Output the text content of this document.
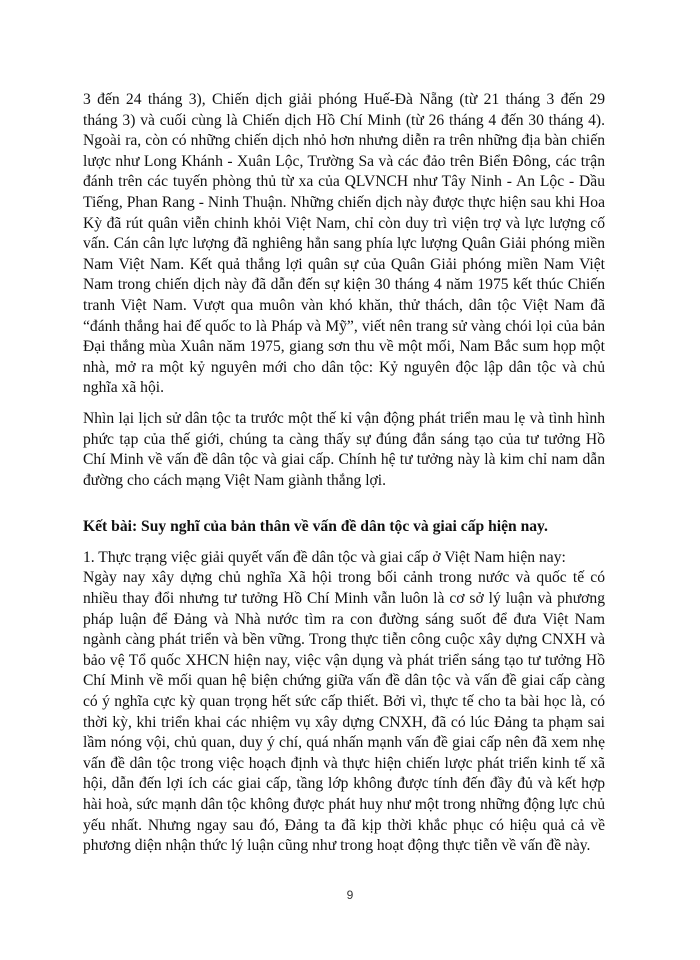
3 đến 24 tháng 3), Chiến dịch giải phóng Huế-Đà Nẵng (từ 21 tháng 3 đến 29 tháng 3) và cuối cùng là Chiến dịch Hồ Chí Minh (từ 26 tháng 4 đến 30 tháng 4). Ngoài ra, còn có những chiến dịch nhỏ hơn nhưng diễn ra trên những địa bàn chiến lược như Long Khánh - Xuân Lộc, Trường Sa và các đảo trên Biển Đông, các trận đánh trên các tuyến phòng thủ từ xa của QLVNCH như Tây Ninh - An Lộc - Dầu Tiếng, Phan Rang - Ninh Thuận. Những chiến dịch này được thực hiện sau khi Hoa Kỳ đã rút quân viễn chinh khỏi Việt Nam, chỉ còn duy trì viện trợ và lực lượng cố vấn. Cán cân lực lượng đã nghiêng hẳn sang phía lực lượng Quân Giải phóng miền Nam Việt Nam. Kết quả thắng lợi quân sự của Quân Giải phóng miền Nam Việt Nam trong chiến dịch này đã dẫn đến sự kiện 30 tháng 4 năm 1975 kết thúc Chiến tranh Việt Nam. Vượt qua muôn vàn khó khăn, thử thách, dân tộc Việt Nam đã “đánh thắng hai đế quốc to là Pháp và Mỹ”, viết nên trang sử vàng chói lọi của bản Đại thắng mùa Xuân năm 1975, giang sơn thu về một mối, Nam Bắc sum họp một nhà, mở ra một kỷ nguyên mới cho dân tộc: Kỷ nguyên độc lập dân tộc và chủ nghĩa xã hội.

Nhìn lại lịch sử dân tộc ta trước một thế kỉ vận động phát triển mau lẹ và tình hình phức tạp của thế giới, chúng ta càng thấy sự đúng đắn sáng tạo của tư tưởng Hồ Chí Minh về vấn đề dân tộc và giai cấp. Chính hệ tư tưởng này là kim chỉ nam dẫn đường cho cách mạng Việt Nam giành thắng lợi.

Kết bài: Suy nghĩ của bản thân về vấn đề dân tộc và giai cấp hiện nay.

1. Thực trạng việc giải quyết vấn đề dân tộc và giai cấp ở Việt Nam hiện nay:

Ngày nay xây dựng chủ nghĩa Xã hội trong bối cảnh trong nước và quốc tế có nhiều thay đổi nhưng tư tưởng Hồ Chí Minh vẫn luôn là cơ sở lý luận và phương pháp luận để Đảng và Nhà nước tìm ra con đường sáng suốt để đưa Việt Nam ngành càng phát triển và bền vững. Trong thực tiễn công cuộc xây dựng CNXH và bảo vệ Tổ quốc XHCN hiện nay, việc vận dụng và phát triển sáng tạo tư tưởng Hồ Chí Minh về mối quan hệ biện chứng giữa vấn đề dân tộc và vấn đề giai cấp càng có ý nghĩa cực kỳ quan trọng hết sức cấp thiết. Bởi vì, thực tế cho ta bài học là, có thời kỳ, khi triển khai các nhiệm vụ xây dựng CNXH, đã có lúc Đảng ta phạm sai lầm nóng vội, chủ quan, duy ý chí, quá nhấn mạnh vấn đề giai cấp nên đã xem nhẹ vấn đề dân tộc trong việc hoạch định và thực hiện chiến lược phát triển kinh tế xã hội, dẫn đến lợi ích các giai cấp, tầng lớp không được tính đến đầy đủ và kết hợp hài hoà, sức mạnh dân tộc không được phát huy như một trong những động lực chủ yếu nhất. Nhưng ngay sau đó, Đảng ta đã kịp thời khắc phục có hiệu quả cả về phương diện nhận thức lý luận cũng như trong hoạt động thực tiễn về vấn đề này.

9
